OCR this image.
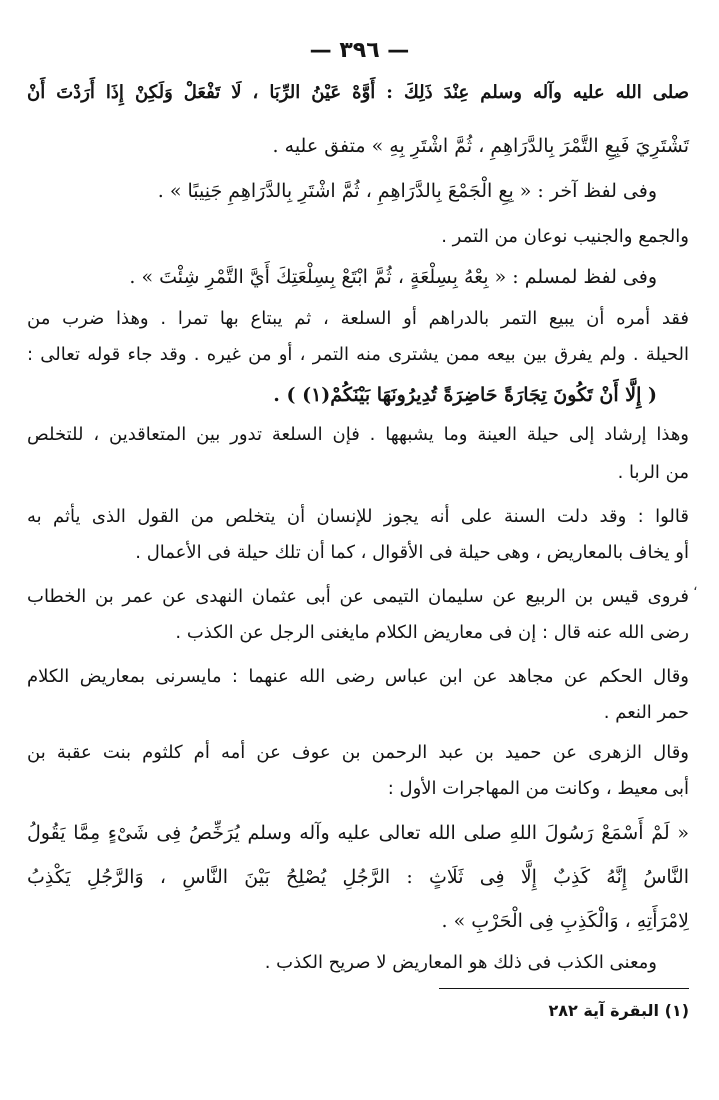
— ٣٩٦ —
صلى الله عليه وآله وسلم عِنْدَ ذَلِكَ : أَوَّهْ عَيْنُ الرِّبَا ، لَا تَفْعَلْ وَلَكِنْ إِذَا أَرَدْتَ أَنْ
تَشْتَرِيَ فَبِعِ التَّمْرَ بِالدَّرَاهِمِ ، ثُمَّ اشْتَرِ بِهِ » متفق عليه .
وفى لفظ آخر : « بِعِ الْجَمْعَ بِالدَّرَاهِمِ ، ثُمَّ اشْتَرِ بِالدَّرَاهِمِ جَنِيبًا » .
والجمع والجنيب نوعان من التمر .
وفى لفظ لمسلم : « بِعْهُ بِسِلْعَةٍ ، ثُمَّ ابْتَعْ بِسِلْعَتِكَ أَيَّ التَّمْرِ شِئْتَ » .
فقد أمره أن يبيع التمر بالدراهم أو السلعة ، ثم يبتاع بها تمرا . وهذا ضرب من
الحيلة . ولم يفرق بين بيعه ممن يشترى منه التمر ، أو من غيره . وقد جاء قوله تعالى :
( إِلَّا أَنْ تَكُونَ تِجَارَةً حَاضِرَةً تُدِيرُونَهَا بَيْنَكُمْ(١) ) .
وهذا إرشاد إلى حيلة العينة وما يشبهها . فإن السلعة تدور بين المتعاقدين ، للتخلص
من الربا .
قالوا : وقد دلت السنة على أنه يجوز للإنسان أن يتخلص من القول الذى يأثم به
أو يخاف بالمعاريض ، وهى حيلة فى الأقوال ، كما أن تلك حيلة فى الأعمال .
فروى قيس بن الربيع عن سليمان التيمى عن أبى عثمان النهدى عن عمر بن الخطاب
رضى الله عنه قال : إن فى معاريض الكلام مايغنى الرجل عن الكذب .
وقال الحكم عن مجاهد عن ابن عباس رضى الله عنهما : مايسرنى بمعاريض الكلام
حمر النعم .
وقال الزهرى عن حميد بن عبد الرحمن بن عوف عن أمه أم كلثوم بنت عقبة بن
أبى معيط ، وكانت من المهاجرات الأول :
« لَمْ أَسْمَعْ رَسُولَ اللهِ صلى الله تعالى عليه وآله وسلم يُرَخِّصُ فِى شَىْءٍ مِمَّا يَقُولُ
النَّاسُ إِنَّهُ كَذِبٌ إِلَّا فِى ثَلَاثٍ : الرَّجُلِ يُصْلِحُ بَيْنَ النَّاسِ ، وَالرَّجُلِ يَكْذِبُ
لِامْرَأَتِهِ ، وَالْكَذِبِ فِى الْحَرْبِ » .
ومعنى الكذب فى ذلك هو المعاريض لا صريح الكذب .
(١) البقرة آية ٢٨٢
،
